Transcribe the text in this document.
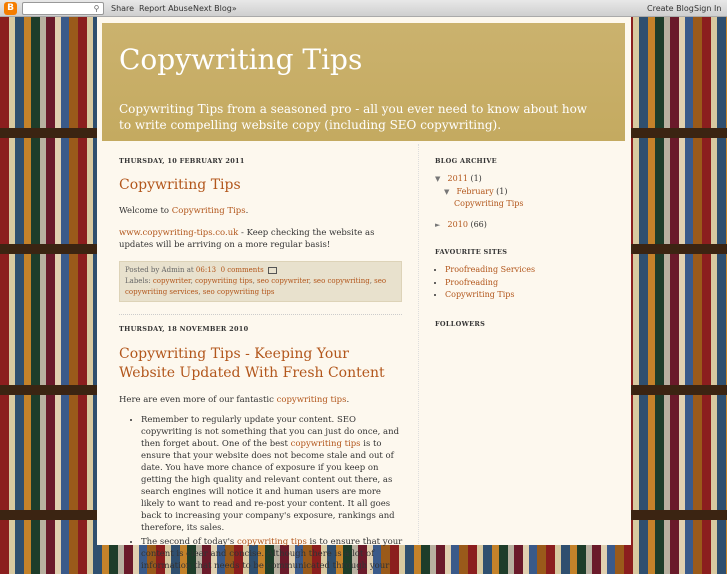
B	⚲	Share Report Abuse Next Blog»	Create Blog Sign In
Copywriting Tips
Copywriting Tips from a seasoned pro - all you ever need to know about how to write compelling website copy (including SEO copywriting).
THURSDAY, 10 FEBRUARY 2011
Copywriting Tips
Welcome to Copywriting Tips.
www.copywriting-tips.co.uk - Keep checking the website as updates will be arriving on a more regular basis!
Posted by Admin at 06:13 0 comments
Labels: copywriter, copywriting tips, seo copywriter, seo copywriting, seo copywriting services, seo copywriting tips
THURSDAY, 18 NOVEMBER 2010
Copywriting Tips - Keeping Your Website Updated With Fresh Content
Here are even more of our fantastic copywriting tips.
• Remember to regularly update your content. SEO copywriting is not something that you can just do once, and then forget about. One of the best copywriting tips is to ensure that your website does not become stale and out of date. You have more chance of exposure if you keep on getting the high quality and relevant content out there, as search engines will notice it and human users are more likely to want to read and re-post your content. It all goes back to increasing your company's exposure, rankings and therefore, its sales.
• The second of today's copywriting tips is to ensure that your content is clear and concise. Although there is a lot of information that needs to be communicated through your
BLOG ARCHIVE
▼ 2011 (1)
▼ February (1)
Copywriting Tips
► 2010 (66)
FAVOURITE SITES
• Proofreading Services
• Proofreading
• Copywriting Tips
FOLLOWERS
